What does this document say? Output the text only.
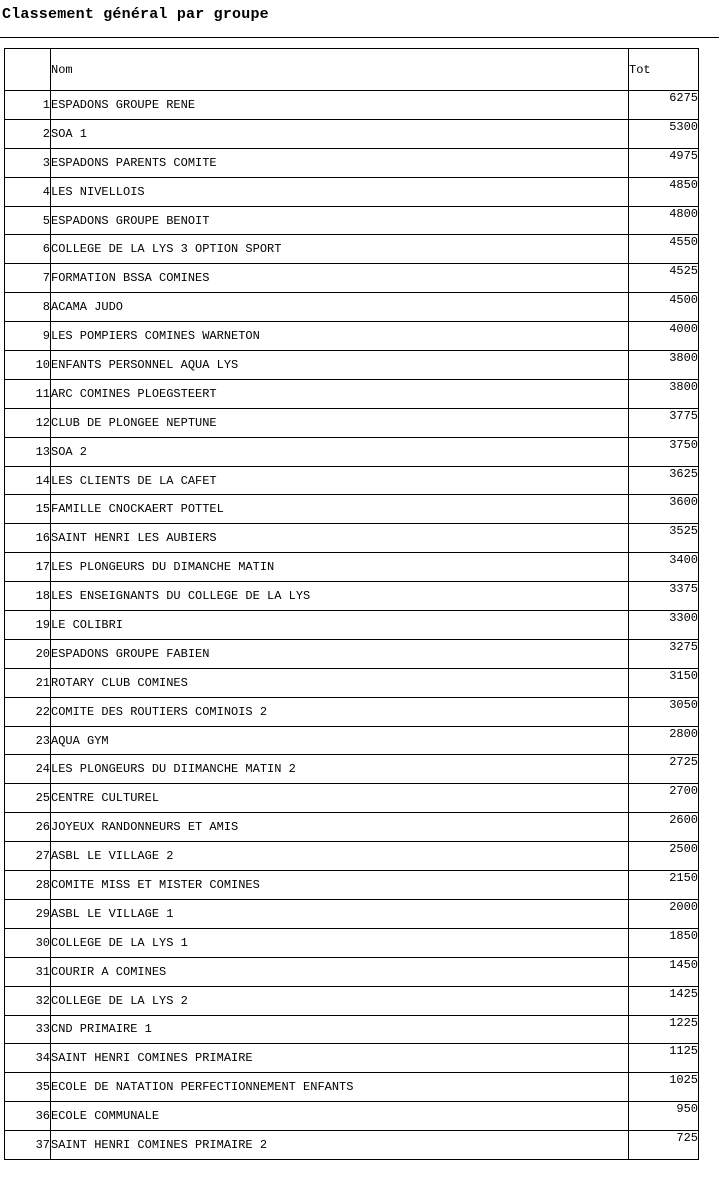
Classement général par groupe
	Nom	Tot
1	ESPADONS GROUPE RENE	6275
2	SOA 1	5300
3	ESPADONS PARENTS COMITE	4975
4	LES NIVELLOIS	4850
5	ESPADONS GROUPE BENOIT	4800
6	COLLEGE DE LA LYS 3 OPTION SPORT	4550
7	FORMATION BSSA COMINES	4525
8	ACAMA JUDO	4500
9	LES POMPIERS COMINES WARNETON	4000
10	ENFANTS PERSONNEL AQUA LYS	3800
11	ARC COMINES PLOEGSTEERT	3800
12	CLUB DE PLONGEE NEPTUNE	3775
13	SOA 2	3750
14	LES CLIENTS DE LA CAFET	3625
15	FAMILLE CNOCKAERT POTTEL	3600
16	SAINT HENRI LES AUBIERS	3525
17	LES PLONGEURS DU DIMANCHE MATIN	3400
18	LES ENSEIGNANTS DU COLLEGE DE LA LYS	3375
19	LE COLIBRI	3300
20	ESPADONS GROUPE FABIEN	3275
21	ROTARY CLUB COMINES	3150
22	COMITE DES ROUTIERS COMINOIS 2	3050
23	AQUA GYM	2800
24	LES PLONGEURS DU DIIMANCHE MATIN 2	2725
25	CENTRE CULTUREL	2700
26	JOYEUX RANDONNEURS ET AMIS	2600
27	ASBL LE VILLAGE 2	2500
28	COMITE MISS ET MISTER COMINES	2150
29	ASBL LE VILLAGE 1	2000
30	COLLEGE DE LA LYS 1	1850
31	COURIR A COMINES	1450
32	COLLEGE DE LA LYS 2	1425
33	CND PRIMAIRE 1	1225
34	SAINT HENRI COMINES PRIMAIRE	1125
35	ECOLE DE NATATION PERFECTIONNEMENT ENFANTS	1025
36	ECOLE COMMUNALE	950
37	SAINT HENRI COMINES PRIMAIRE 2	725
